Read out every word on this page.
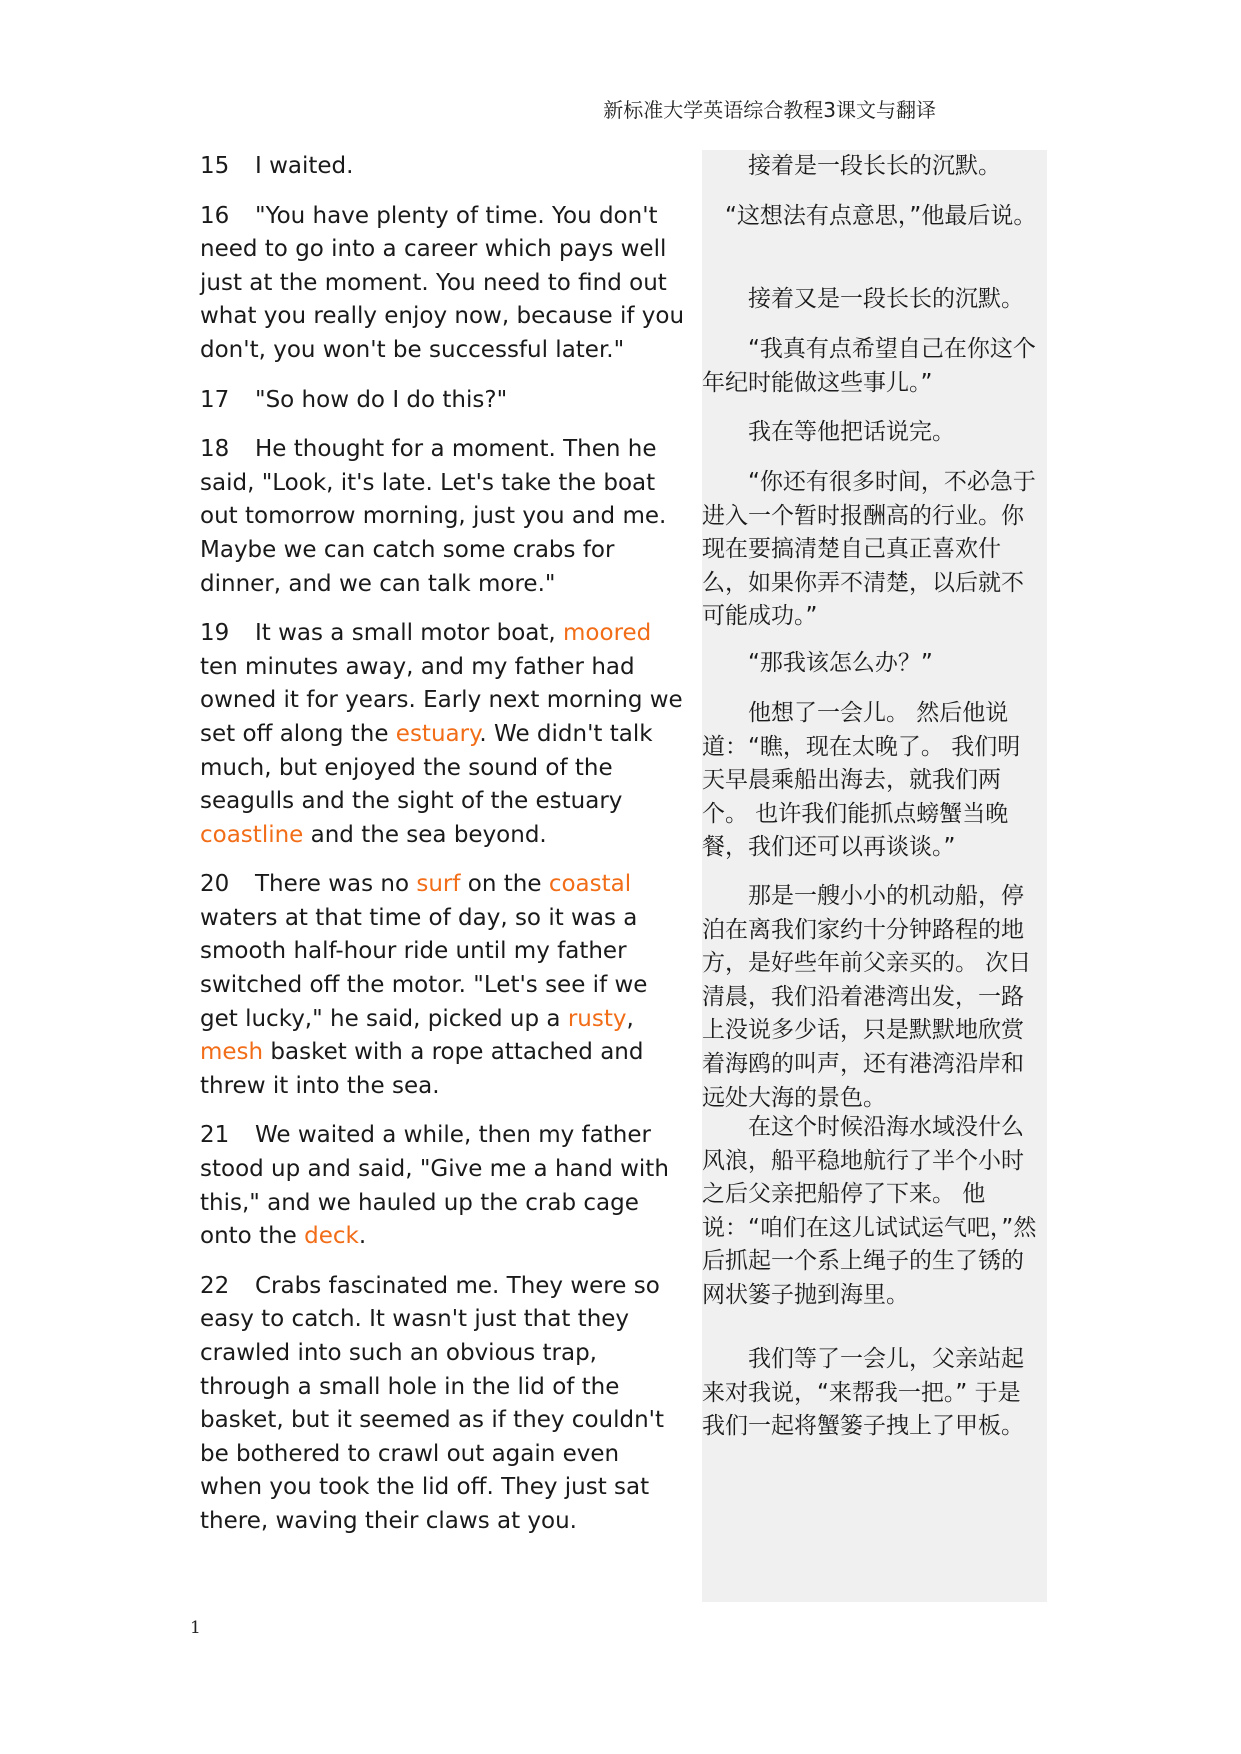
新标准大学英语综合教程3课文与翻译

15 I waited.

16 "You have plenty of time. You don't need to go into a career which pays well just at the moment. You need to find out what you really enjoy now, because if you don't, you won't be successful later."

17 "So how do I do this?"

18 He thought for a moment. Then he said, "Look, it's late. Let's take the boat out tomorrow morning, just you and me. Maybe we can catch some crabs for dinner, and we can talk more."

19 It was a small motor boat, moored ten minutes away, and my father had owned it for years. Early next morning we set off along the estuary. We didn't talk much, but enjoyed the sound of the seagulls and the sight of the estuary coastline and the sea beyond.

20 There was no surf on the coastal waters at that time of day, so it was a smooth half-hour ride until my father switched off the motor. "Let's see if we get lucky," he said, picked up a rusty, mesh basket with a rope attached and threw it into the sea.

21 We waited a while, then my father stood up and said, "Give me a hand with this," and we hauled up the crab cage onto the deck.

22 Crabs fascinated me. They were so easy to catch. It wasn't just that they crawled into such an obvious trap, through a small hole in the lid of the basket, but it seemed as if they couldn't be bothered to crawl out again even when you took the lid off. They just sat there, waving their claws at you.

　　接着是一段长长的沉默。

　“这想法有点意思，”他最后说。

　　接着又是一段长长的沉默。

　　“我真有点希望自己在你这个年纪时能做这些事儿。”

　　我在等他把话说完。

　　“你还有很多时间，不必急于进入一个暂时报酬高的行业。你现在要搞清楚自己真正喜欢什么，如果你弄不清楚，以后就不可能成功。”

　　“那我该怎么办？”

　　他想了一会儿。 然后他说道：“瞧，现在太晚了。 我们明天早晨乘船出海去，就我们两个。 也许我们能抓点螃蟹当晚餐，我们还可以再谈谈。”

　　那是一艘小小的机动船，停泊在离我们家约十分钟路程的地方，是好些年前父亲买的。 次日清晨，我们沿着港湾出发，一路上没说多少话，只是默默地欣赏着海鸥的叫声，还有港湾沿岸和远处大海的景色。

　　在这个时候沿海水域没什么风浪，船平稳地航行了半个小时之后父亲把船停了下来。 他说：“咱们在这儿试试运气吧，”然后抓起一个系上绳子的生了锈的网状篓子抛到海里。

　　我们等了一会儿，父亲站起来对我说，“来帮我一把。” 于是我们一起将蟹篓子拽上了甲板。

1
